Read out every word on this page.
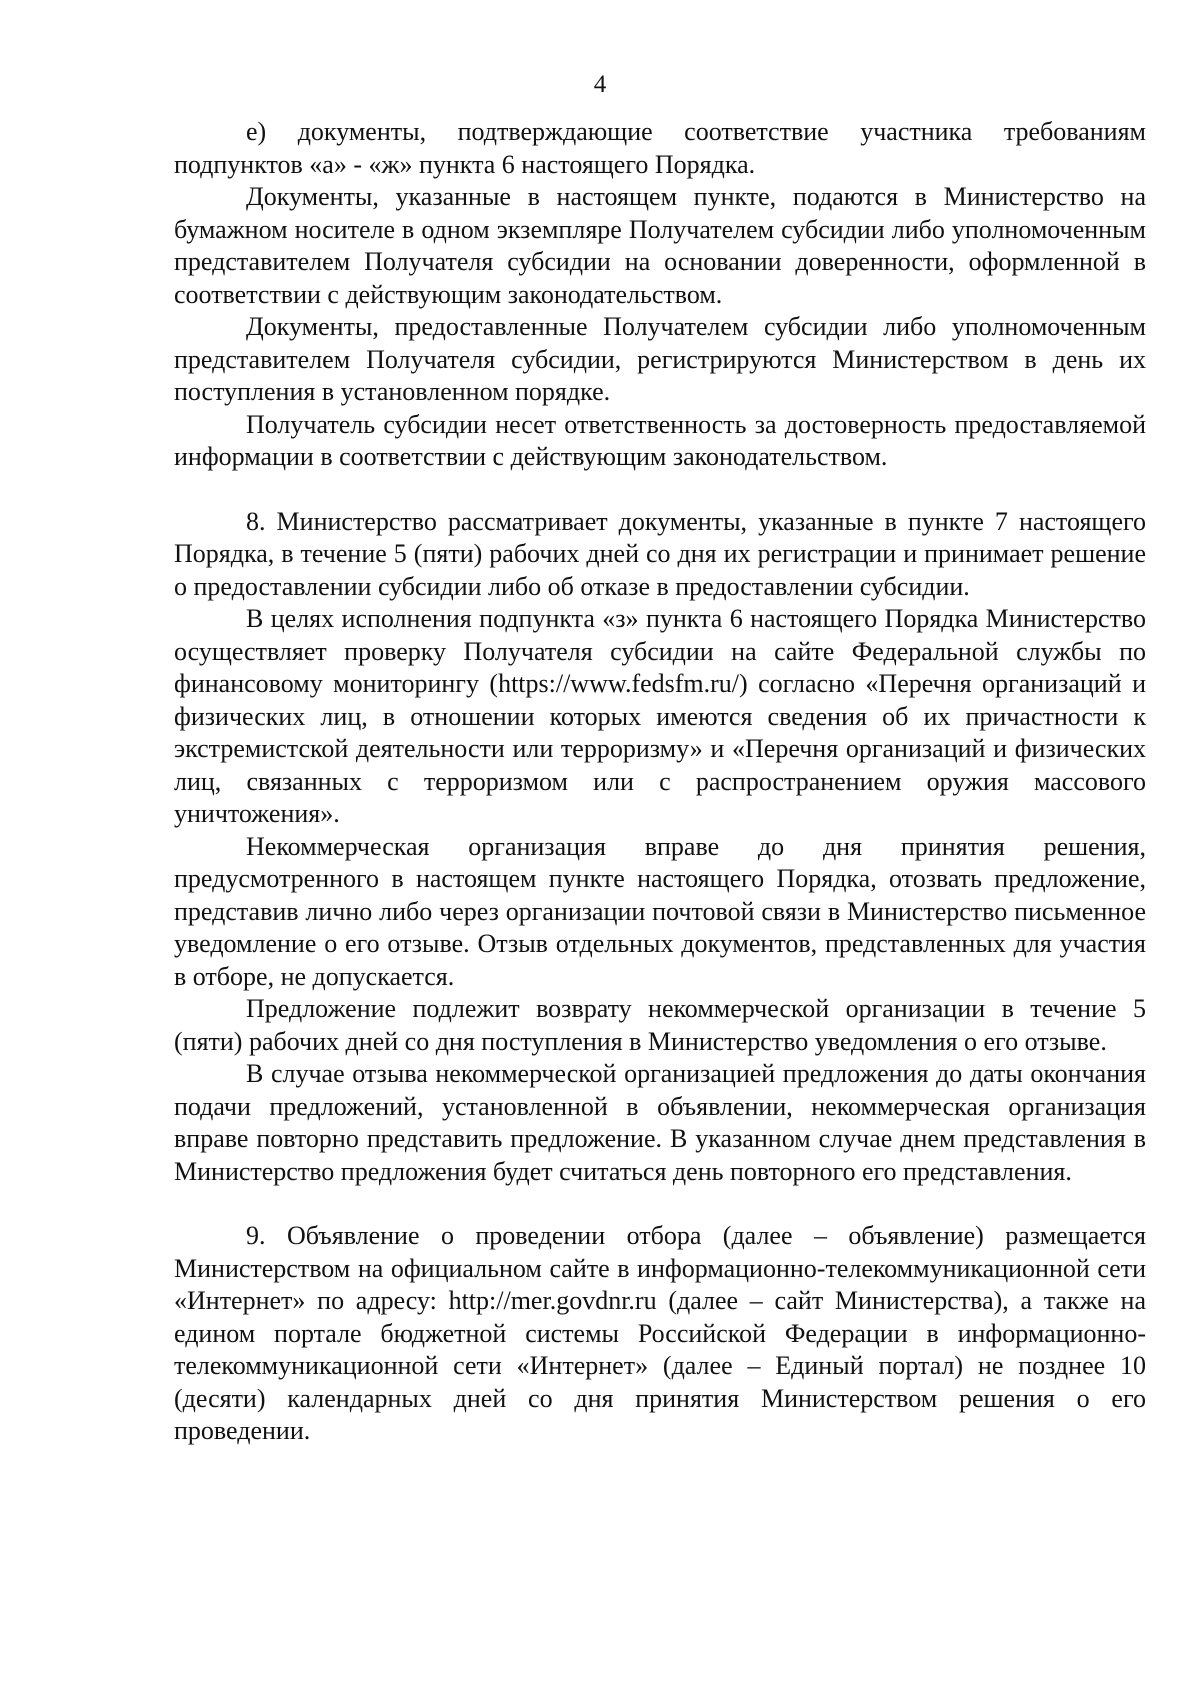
4

е) документы, подтверждающие соответствие участника требованиям подпунктов «а» - «ж» пункта 6 настоящего Порядка.

Документы, указанные в настоящем пункте, подаются в Министерство на бумажном носителе в одном экземпляре Получателем субсидии либо уполномоченным представителем Получателя субсидии на основании доверенности, оформленной в соответствии с действующим законодательством.

Документы, предоставленные Получателем субсидии либо уполномоченным представителем Получателя субсидии, регистрируются Министерством в день их поступления в установленном порядке.

Получатель субсидии несет ответственность за достоверность предоставляемой информации в соответствии с действующим законодательством.

8. Министерство рассматривает документы, указанные в пункте 7 настоящего Порядка, в течение 5 (пяти) рабочих дней со дня их регистрации и принимает решение о предоставлении субсидии либо об отказе в предоставлении субсидии.

В целях исполнения подпункта «з» пункта 6 настоящего Порядка Министерство осуществляет проверку Получателя субсидии на сайте Федеральной службы по финансовому мониторингу (https://www.fedsfm.ru/) согласно «Перечня организаций и физических лиц, в отношении которых имеются сведения об их причастности к экстремистской деятельности или терроризму» и «Перечня организаций и физических лиц, связанных с терроризмом или с распространением оружия массового уничтожения».

Некоммерческая организация вправе до дня принятия решения, предусмотренного в настоящем пункте настоящего Порядка, отозвать предложение, представив лично либо через организации почтовой связи в Министерство письменное уведомление о его отзыве. Отзыв отдельных документов, представленных для участия в отборе, не допускается.

Предложение подлежит возврату некоммерческой организации в течение 5 (пяти) рабочих дней со дня поступления в Министерство уведомления о его отзыве.

В случае отзыва некоммерческой организацией предложения до даты окончания подачи предложений, установленной в объявлении, некоммерческая организация вправе повторно представить предложение. В указанном случае днем представления в Министерство предложения будет считаться день повторного его представления.

9. Объявление о проведении отбора (далее – объявление) размещается Министерством на официальном сайте в информационно-телекоммуникационной сети «Интернет» по адресу: http://mer.govdnr.ru (далее – сайт Министерства), а также на едином портале бюджетной системы Российской Федерации в информационно-телекоммуникационной сети «Интернет» (далее – Единый портал) не позднее 10 (десяти) календарных дней со дня принятия Министерством решения о его проведении.
